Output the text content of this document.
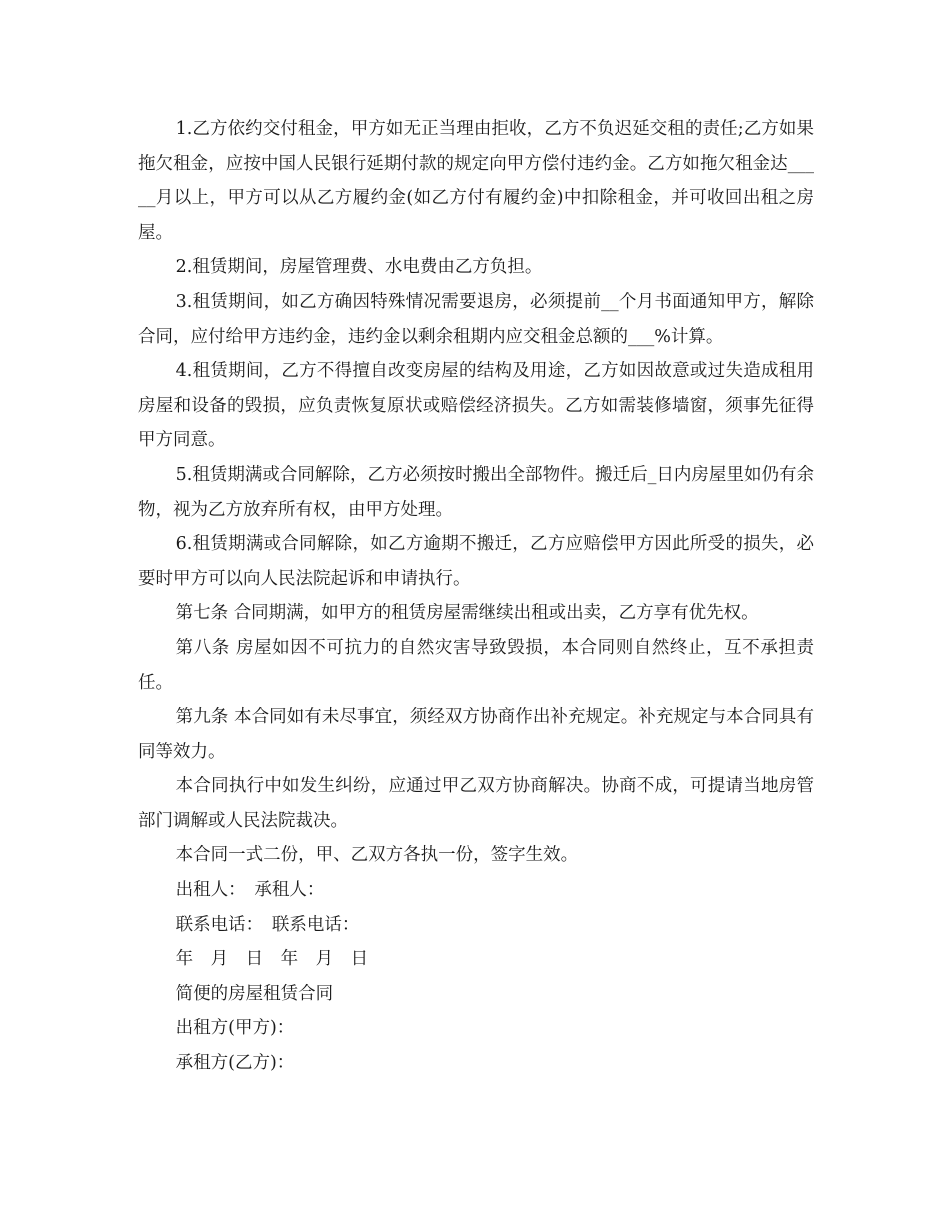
1.乙方依约交付租金，甲方如无正当理由拒收，乙方不负迟延交租的责任;乙方如果拖欠租金，应按中国人民银行延期付款的规定向甲方偿付违约金。乙方如拖欠租金达_____月以上，甲方可以从乙方履约金(如乙方付有履约金)中扣除租金，并可收回出租之房屋。

2.租赁期间，房屋管理费、水电费由乙方负担。

3.租赁期间，如乙方确因特殊情况需要退房，必须提前__个月书面通知甲方，解除合同，应付给甲方违约金，违约金以剩余租期内应交租金总额的___%计算。

4.租赁期间，乙方不得擅自改变房屋的结构及用途，乙方如因故意或过失造成租用房屋和设备的毁损，应负责恢复原状或赔偿经济损失。乙方如需装修墙窗，须事先征得甲方同意。

5.租赁期满或合同解除，乙方必须按时搬出全部物件。搬迁后_日内房屋里如仍有余物，视为乙方放弃所有权，由甲方处理。

6.租赁期满或合同解除，如乙方逾期不搬迁，乙方应赔偿甲方因此所受的损失，必要时甲方可以向人民法院起诉和申请执行。

第七条 合同期满，如甲方的租赁房屋需继续出租或出卖，乙方享有优先权。

第八条 房屋如因不可抗力的自然灾害导致毁损，本合同则自然终止，互不承担责任。

第九条 本合同如有未尽事宜，须经双方协商作出补充规定。补充规定与本合同具有同等效力。

本合同执行中如发生纠纷，应通过甲乙双方协商解决。协商不成，可提请当地房管部门调解或人民法院裁决。

本合同一式二份，甲、乙双方各执一份，签字生效。

出租人：　承租人：

联系电话：　联系电话：

年　月　日　年　月　日

简便的房屋租赁合同

出租方(甲方)：

承租方(乙方)：
